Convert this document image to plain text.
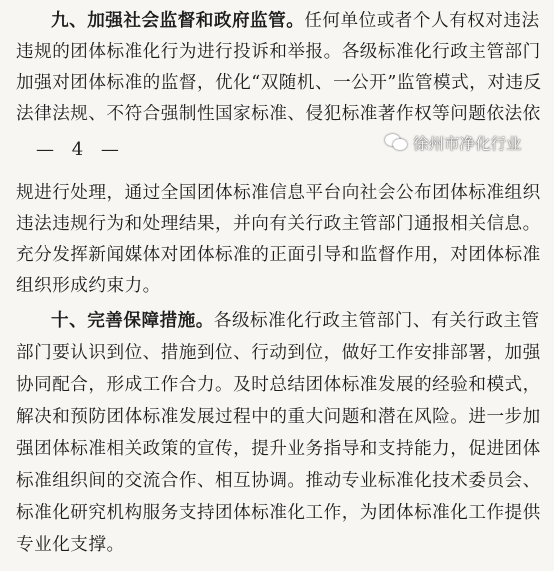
九、加强社会监督和政府监管。任何单位或者个人有权对违法
违规的团体标准化行为进行投诉和举报。各级标准化行政主管部门
加强对团体标准的监督，优化“双随机、一公开”监管模式，对违反
法律法规、不符合强制性国家标准、侵犯标准著作权等问题依法依
— 4 —	徐州市净化行业
规进行处理，通过全国团体标准信息平台向社会公布团体标准组织
违法违规行为和处理结果，并向有关行政主管部门通报相关信息。
充分发挥新闻媒体对团体标准的正面引导和监督作用，对团体标准
组织形成约束力。
十、完善保障措施。各级标准化行政主管部门、有关行政主管
部门要认识到位、措施到位、行动到位，做好工作安排部署，加强
协同配合，形成工作合力。及时总结团体标准发展的经验和模式，
解决和预防团体标准发展过程中的重大问题和潜在风险。进一步加
强团体标准相关政策的宣传，提升业务指导和支持能力，促进团体
标准组织间的交流合作、相互协调。推动专业标准化技术委员会、
标准化研究机构服务支持团体标准化工作，为团体标准化工作提供
专业化支撑。
